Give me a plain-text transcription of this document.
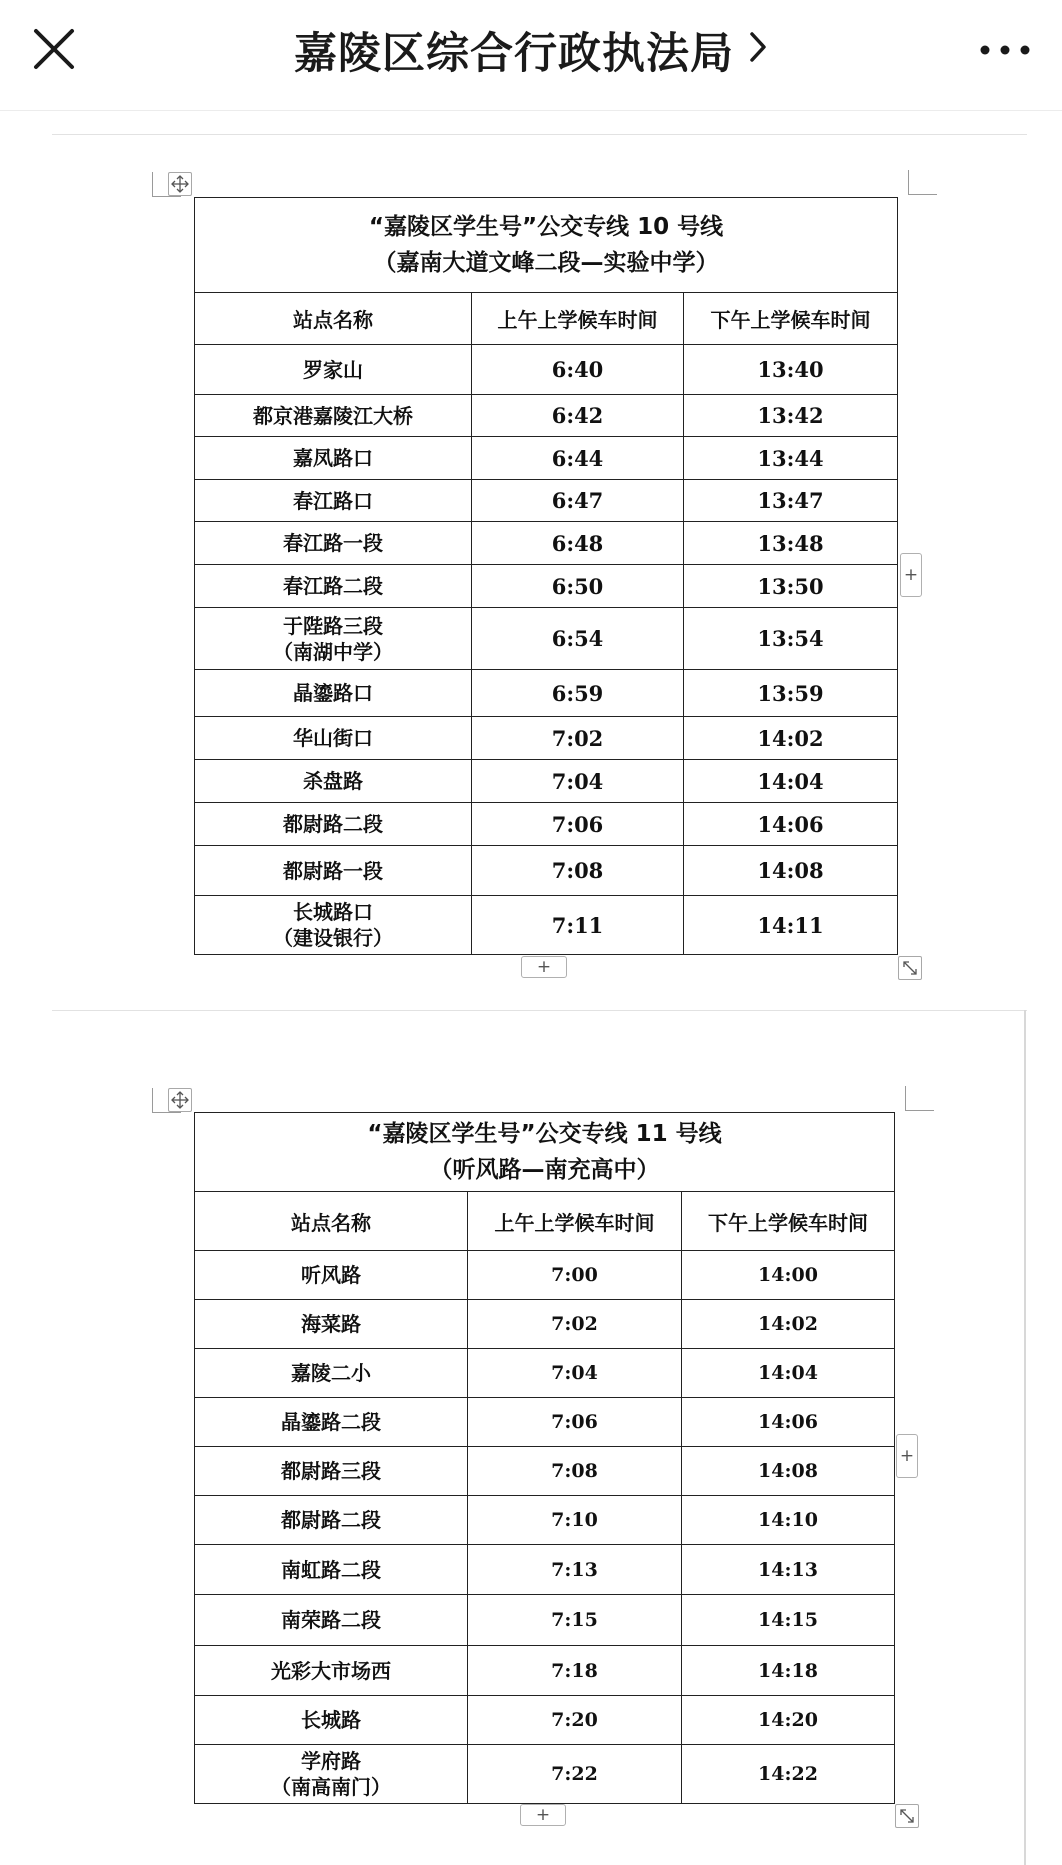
嘉陵区综合行政执法局
“嘉陵区学生号”公交专线 10 号线
（嘉南大道文峰二段—实验中学）		

站点名称	上午上学候车时间	下午上学候车时间

罗家山	6:40	13:40

都京港嘉陵江大桥	6:42	13:42

嘉凤路口	6:44	13:44

春江路口	6:47	13:47

春江路一段	6:48	13:48

春江路二段	6:50	13:50

于陛路三段
（南湖中学）	6:54	13:54

晶鎏路口	6:59	13:59

华山街口	7:02	14:02

杀盘路	7:04	14:04

都尉路二段	7:06	14:06

都尉路一段	7:08	14:08

长城路口
（建设银行）	7:11	14:11
+
+
“嘉陵区学生号”公交专线 11 号线
（听风路—南充高中）		

站点名称	上午上学候车时间	下午上学候车时间

听风路	7:00	14:00

海菜路	7:02	14:02

嘉陵二小	7:04	14:04

晶鎏路二段	7:06	14:06

都尉路三段	7:08	14:08

都尉路二段	7:10	14:10

南虹路二段	7:13	14:13

南荣路二段	7:15	14:15

光彩大市场西	7:18	14:18

长城路	7:20	14:20

学府路
（南高南门）	7:22	14:22
+
+
